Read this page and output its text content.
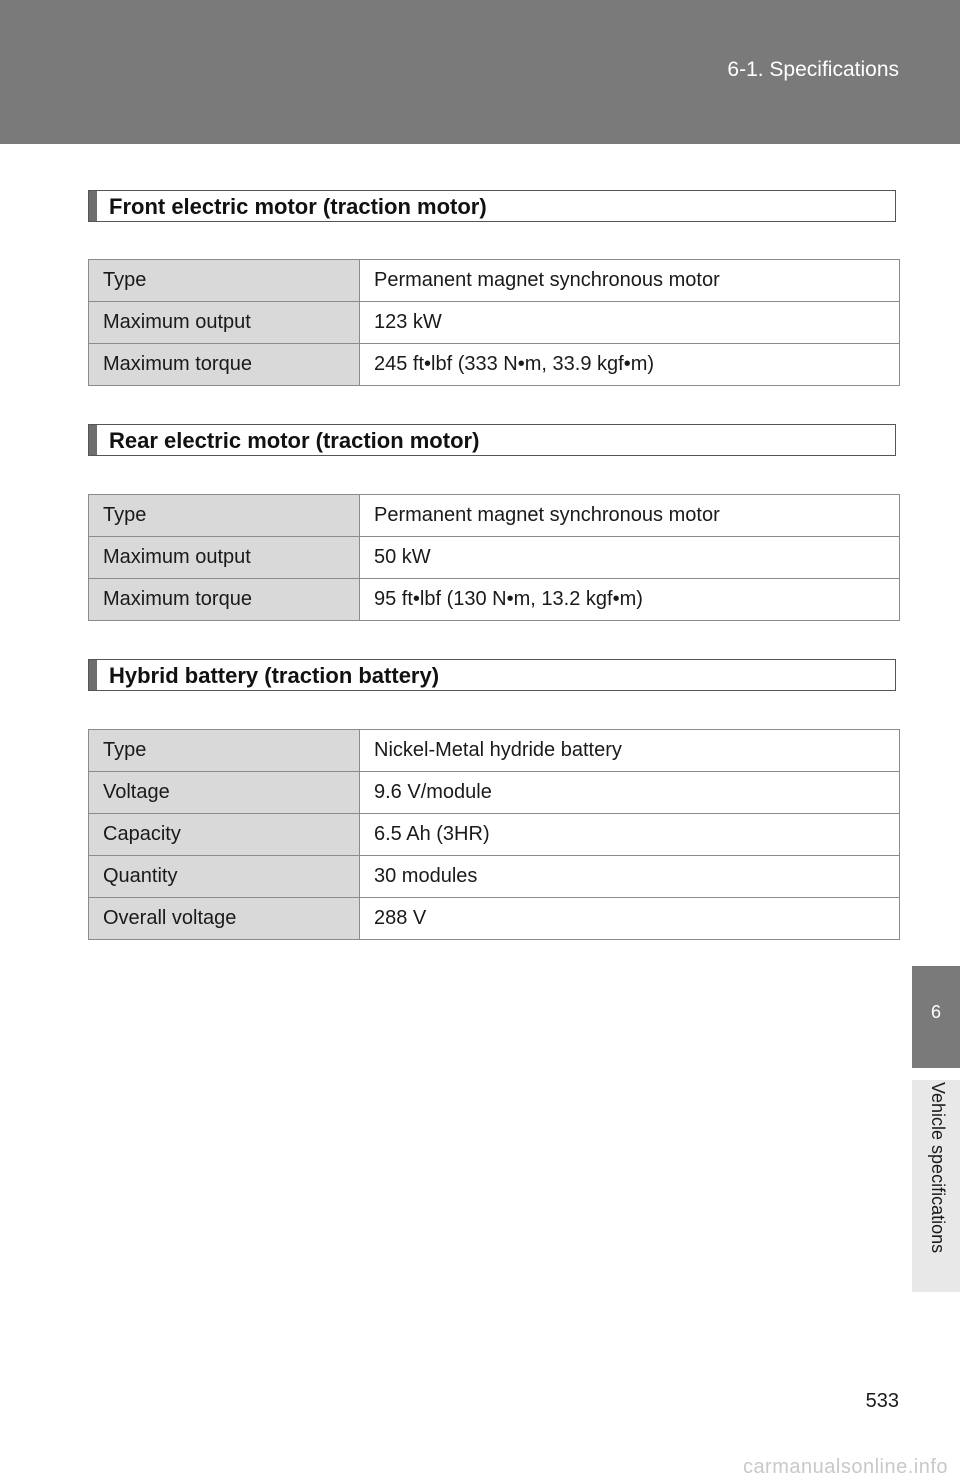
6-1. Specifications
6
Vehicle specifications
Front electric motor (traction motor)
Type	Permanent magnet synchronous motor
Maximum output	123 kW
Maximum torque	245 ft•lbf (333 N•m, 33.9 kgf•m)
Rear electric motor (traction motor)
Type	Permanent magnet synchronous motor
Maximum output	50 kW
Maximum torque	95 ft•lbf (130 N•m, 13.2 kgf•m)
Hybrid battery (traction battery)
Type	Nickel-Metal hydride battery
Voltage	9.6 V/module
Capacity	6.5 Ah (3HR)
Quantity	30 modules
Overall voltage	288 V
533
carmanualsonline.info
